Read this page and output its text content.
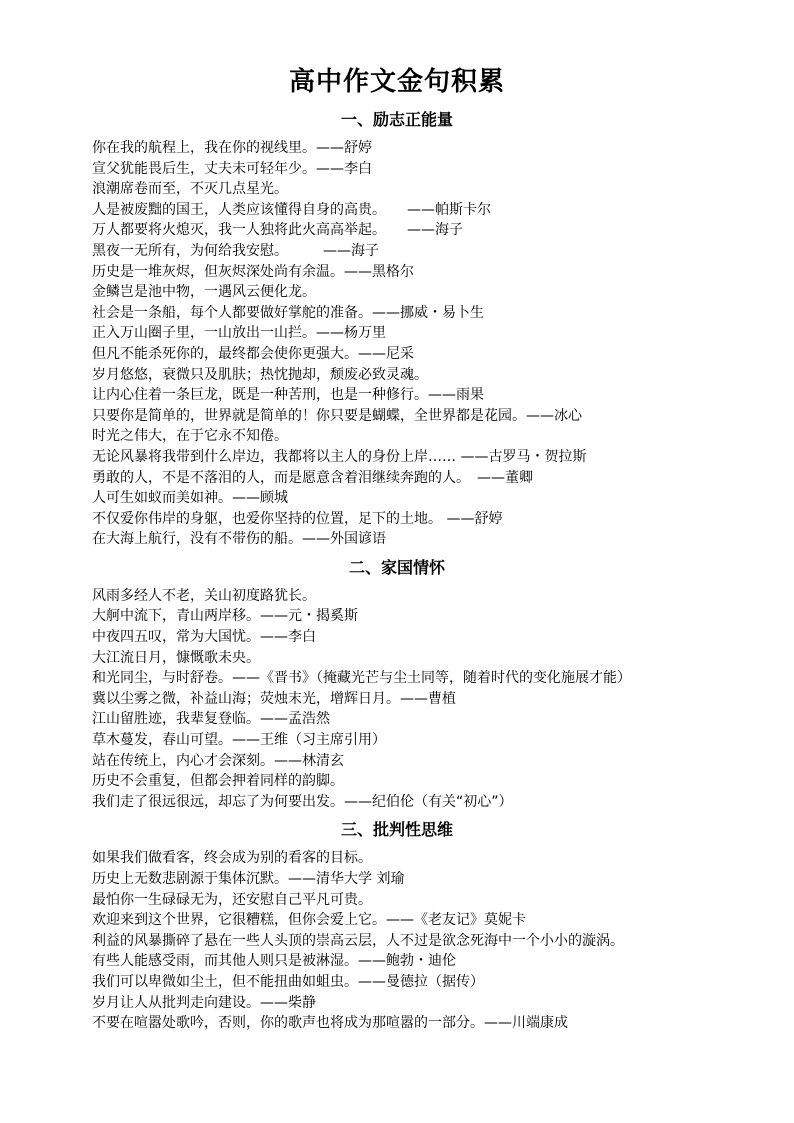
高中作文金句积累
一、励志正能量
你在我的航程上，我在你的视线里。——舒婷
宣父犹能畏后生，丈夫未可轻年少。——李白
浪潮席卷而至，不灭几点星光。
人是被废黜的国王，人类应该懂得自身的高贵。　　——帕斯卡尔
万人都要将火熄灭，我一人独将此火高高举起。　　——海子
黑夜一无所有，为何给我安慰。　　　——海子
历史是一堆灰烬，但灰烬深处尚有余温。——黑格尔
金鳞岂是池中物，一遇风云便化龙。
社会是一条船，每个人都要做好掌舵的准备。——挪威・易卜生
正入万山圈子里，一山放出一山拦。——杨万里
但凡不能杀死你的，最终都会使你更强大。——尼采
岁月悠悠，衰微只及肌肤；热忱抛却，颓废必致灵魂。
让内心住着一条巨龙，既是一种苦刑，也是一种修行。——雨果
只要你是简单的，世界就是简单的！你只要是蝴蝶，全世界都是花园。——冰心
时光之伟大，在于它永不知倦。
无论风暴将我带到什么岸边，我都将以主人的身份上岸…… ——古罗马・贺拉斯
勇敢的人，不是不落泪的人，而是愿意含着泪继续奔跑的人。　——董卿
人可生如蚁而美如神。——顾城
不仅爱你伟岸的身躯，也爱你坚持的位置，足下的土地。 ——舒婷
在大海上航行，没有不带伤的船。——外国谚语
二、家国情怀
风雨多经人不老，关山初度路犹长。
大舸中流下，青山两岸移。——元・揭奚斯
中夜四五叹，常为大国忧。——李白
大江流日月，慷慨歌未央。
和光同尘，与时舒卷。——《晋书》（掩藏光芒与尘土同等，随着时代的变化施展才能）
冀以尘雾之微，补益山海；荧烛末光，增辉日月。——曹植
江山留胜迹，我辈复登临。——孟浩然
草木蔓发，春山可望。——王维（习主席引用）
站在传统上，内心才会深刻。——林清玄
历史不会重复，但都会押着同样的韵脚。
我们走了很远很远，却忘了为何要出发。——纪伯伦（有关“初心”）
三、批判性思维
如果我们做看客，终会成为别的看客的目标。
历史上无数悲剧源于集体沉默。——清华大学 刘瑜
最怕你一生碌碌无为，还安慰自己平凡可贵。
欢迎来到这个世界，它很糟糕，但你会爱上它。——《老友记》莫妮卡
利益的风暴撕碎了悬在一些人头顶的崇高云层，人不过是欲念死海中一个小小的漩涡。
有些人能感受雨，而其他人则只是被淋湿。——鲍勃・迪伦
我们可以卑微如尘土，但不能扭曲如蛆虫。——曼德拉（据传）
岁月让人从批判走向建设。——柴静
不要在喧嚣处歌吟，否则，你的歌声也将成为那喧嚣的一部分。——川端康成
